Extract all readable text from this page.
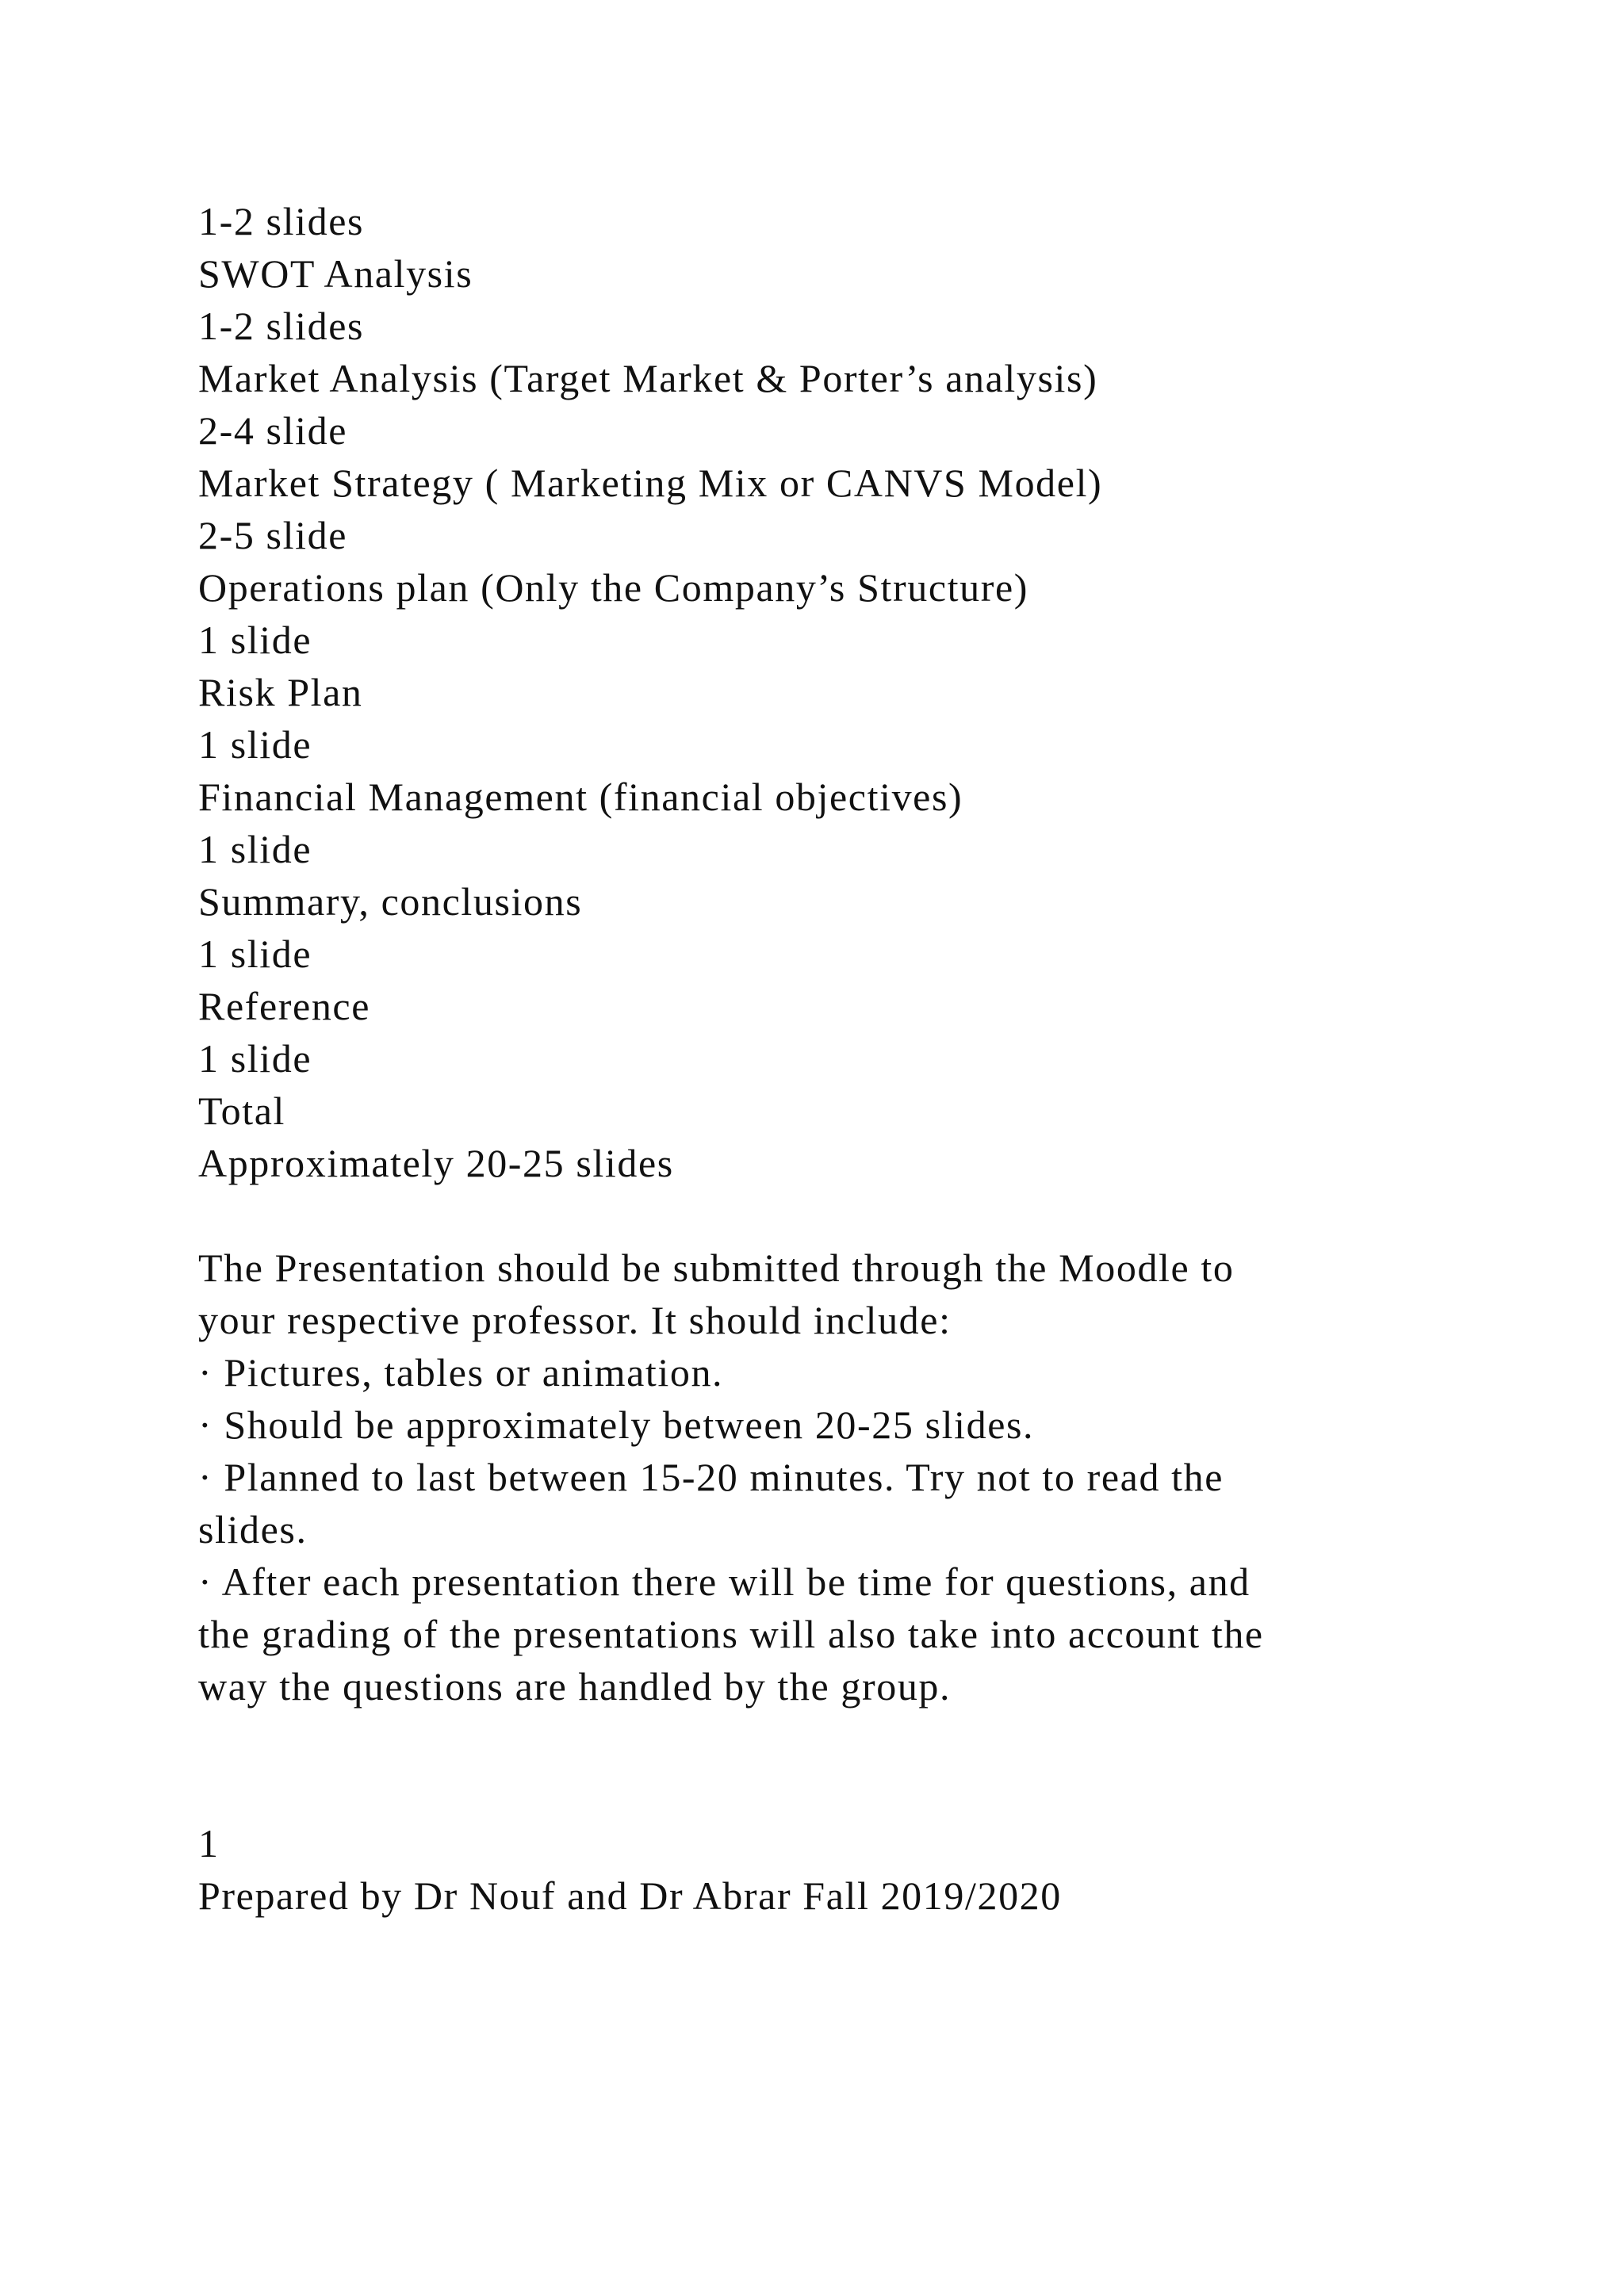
1-2 slides
SWOT Analysis
1-2 slides
Market Analysis (Target Market & Porter’s analysis)
2-4 slide
Market Strategy ( Marketing Mix or CANVS Model)
2-5 slide
Operations plan (Only the Company’s Structure)
1 slide
Risk Plan
1 slide
Financial Management (financial objectives)
1 slide
Summary, conclusions
1 slide
Reference
1 slide
Total
Approximately 20-25 slides
The Presentation should be submitted through the Moodle to
your respective professor. It should include:
· Pictures, tables or animation.
· Should be approximately between 20-25 slides.
· Planned to last between 15-20 minutes. Try not to read the
slides.
· After each presentation there will be time for questions, and
the grading of the presentations will also take into account the
way the questions are handled by the group.
1
Prepared by Dr Nouf and Dr Abrar Fall 2019/2020
